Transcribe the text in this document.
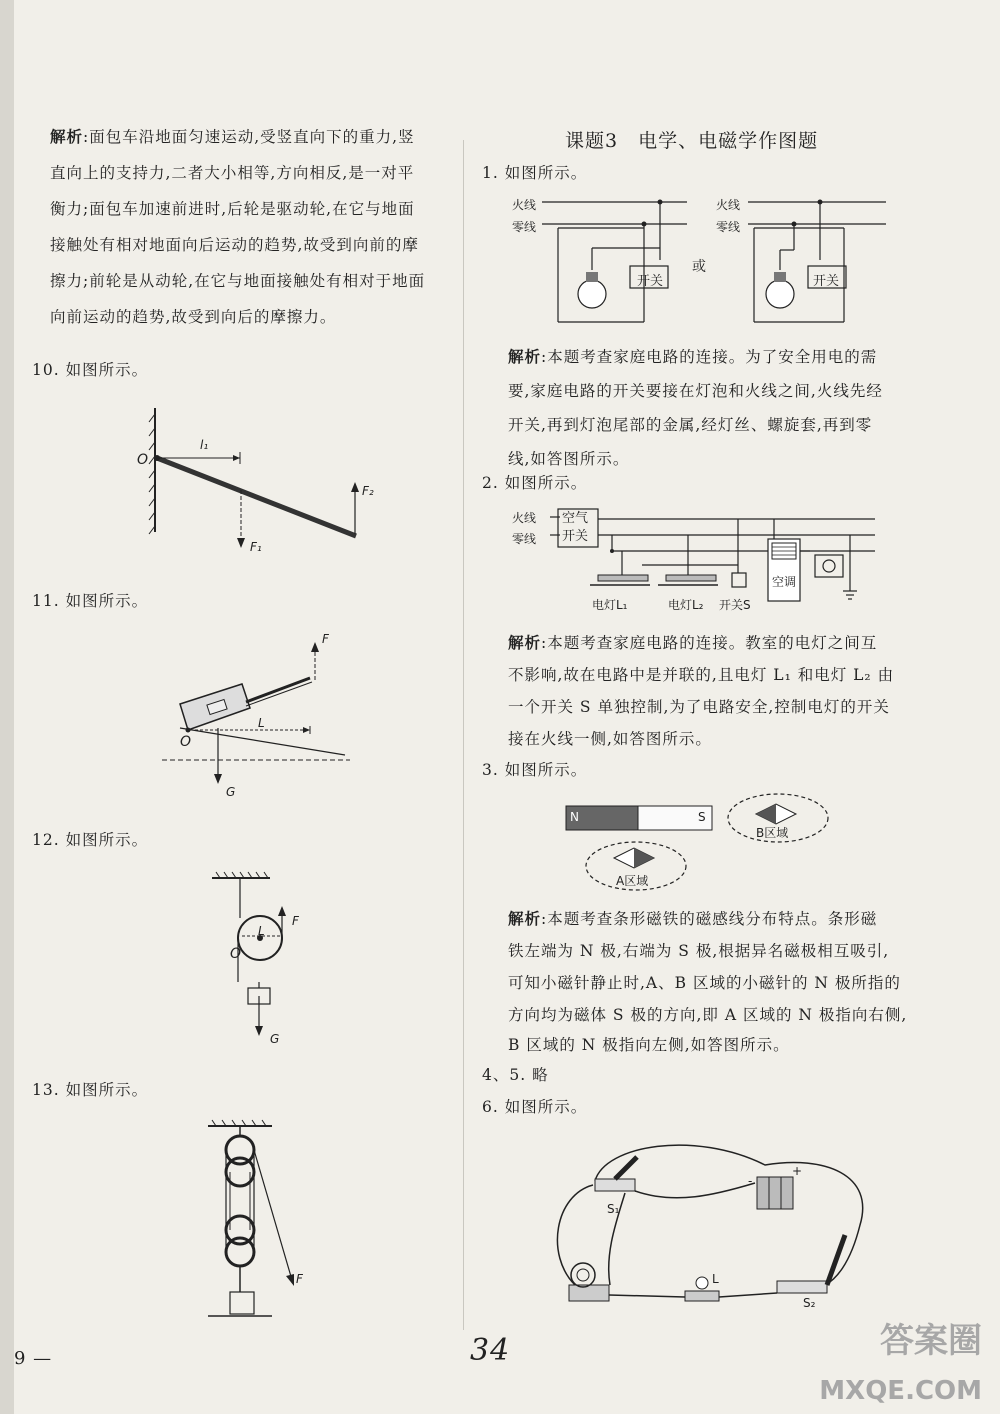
解析:面包车沿地面匀速运动,受竖直向下的重力,竖
直向上的支持力,二者大小相等,方向相反,是一对平
衡力;面包车加速前进时,后轮是驱动轮,在它与地面
接触处有相对地面向后运动的趋势,故受到向前的摩
擦力;前轮是从动轮,在它与地面接触处有相对于地面
向前运动的趋势,故受到向后的摩擦力。
10. 如图所示。
O
l₁
F₁
F₂
11. 如图所示。
F
O
L
G
12. 如图所示。
O
L
F
G
13. 如图所示。
F
课题3　电学、电磁学作图题
1. 如图所示。
火线
零线
开关
或
火线
零线
开关
解析:本题考查家庭电路的连接。为了安全用电的需
要,家庭电路的开关要接在灯泡和火线之间,火线先经
开关,再到灯泡尾部的金属,经灯丝、螺旋套,再到零
线,如答图所示。
2. 如图所示。
火线
零线
空气开关
电灯L₁	电灯L₂ 开关S
空调
解析:本题考查家庭电路的连接。教室的电灯之间互
不影响,故在电路中是并联的,且电灯 L₁ 和电灯 L₂ 由
一个开关 S 单独控制,为了电路安全,控制电灯的开关
接在火线一侧,如答图所示。
3. 如图所示。
N	S
B区域
A区域
解析:本题考查条形磁铁的磁感线分布特点。条形磁
铁左端为 N 极,右端为 S 极,根据异名磁极相互吸引,
可知小磁针静止时,A、B 区域的小磁针的 N 极所指的
方向均为磁体 S 极的方向,即 A 区域的 N 极指向右侧,
B 区域的 N 极指向左侧,如答图所示。
4、5. 略
6. 如图所示。
S₁
L
S₂
+
-
9 —	34	答案圈
MXQE.COM
